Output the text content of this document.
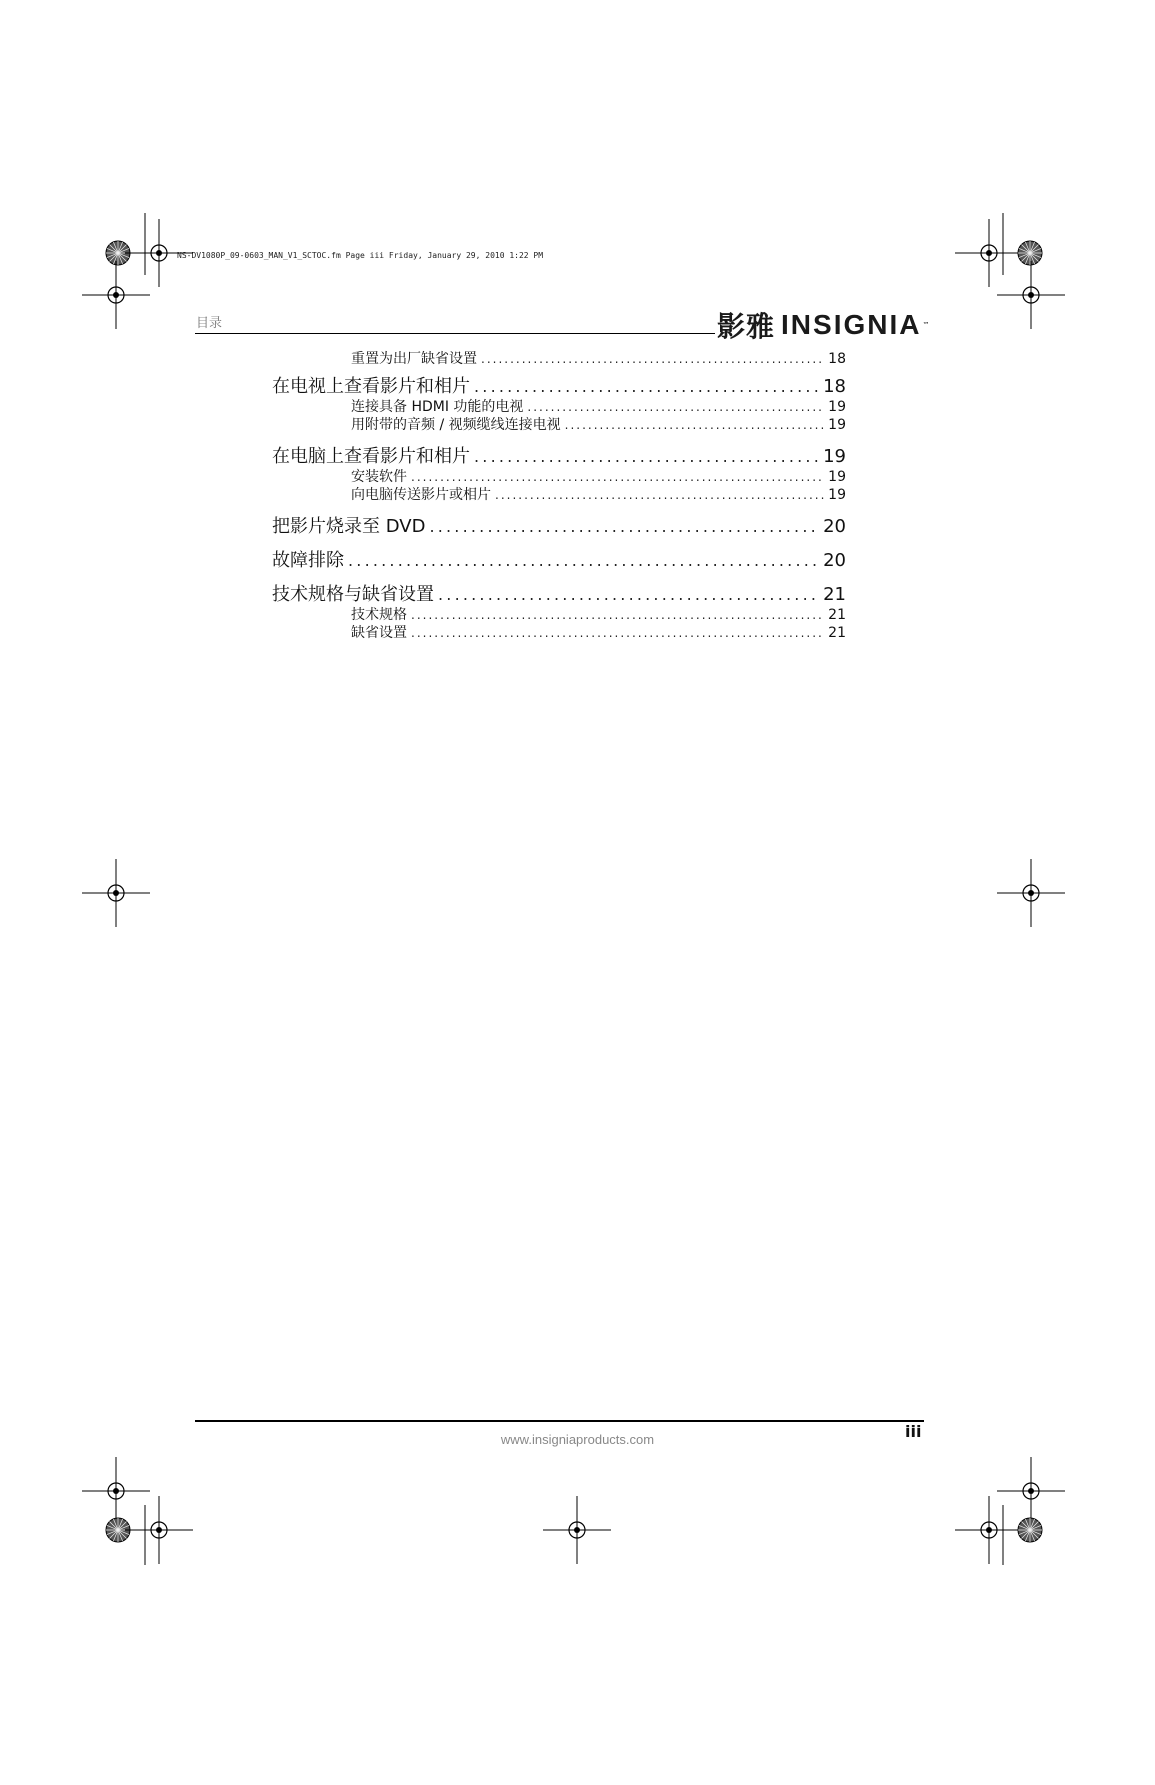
NS-DV1080P_09-0603_MAN_V1_SCTOC.fm Page iii Friday, January 29, 2010 1:22 PM
目录	影雅 INSIGNIA ™
重置为出厂缺省设置 .....	18
在电视上查看影片和相片 .....	18
连接具备 HDMI 功能的电视 .....	19
用附带的音频 / 视频缆线连接电视 .....	19
在电脑上查看影片和相片 .....	19
安装软件 .....	19
向电脑传送影片或相片 .....	19
把影片烧录至 DVD .....	20
故障排除 .....	20
技术规格与缺省设置 .....	21
技术规格 .....	21
缺省设置 .....	21
www.insigniaproducts.com	iii
